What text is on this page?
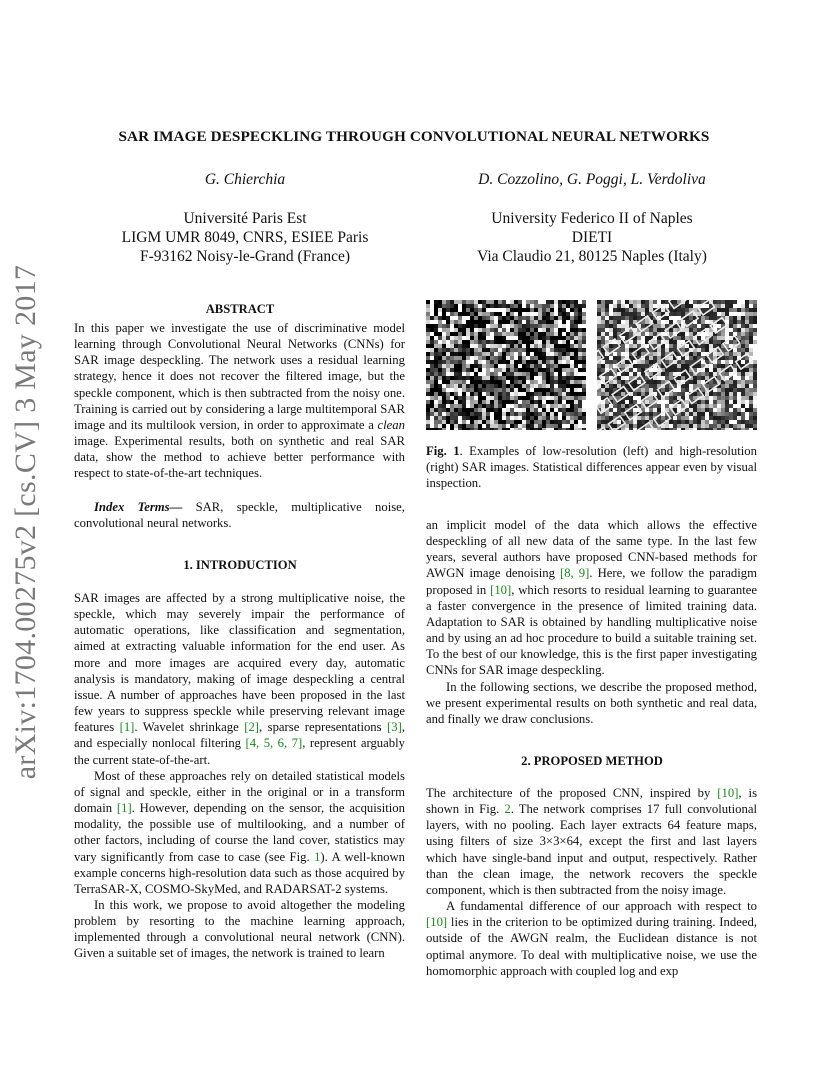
arXiv:1704.00275v2 [cs.CV] 3 May 2017
SAR IMAGE DESPECKLING THROUGH CONVOLUTIONAL NEURAL NETWORKS
G. Chierchia	D. Cozzolino, G. Poggi, L. Verdoliva
Université Paris Est
LIGM UMR 8049, CNRS, ESIEE Paris
F-93162 Noisy-le-Grand (France)
University Federico II of Naples
DIETI
Via Claudio 21, 80125 Naples (Italy)
ABSTRACT

In this paper we investigate the use of discriminative model learning through Convolutional Neural Networks (CNNs) for SAR image despeckling. The network uses a residual learning strategy, hence it does not recover the filtered image, but the speckle component, which is then subtracted from the noisy one. Training is carried out by considering a large multitemporal SAR image and its multilook version, in order to approximate a clean image. Experimental results, both on synthetic and real SAR data, show the method to achieve better performance with respect to state-of-the-art techniques.

Index Terms— SAR, speckle, multiplicative noise, convolutional neural networks.
1. INTRODUCTION

SAR images are affected by a strong multiplicative noise, the speckle, which may severely impair the performance of automatic operations, like classification and segmentation, aimed at extracting valuable information for the end user. As more and more images are acquired every day, automatic analysis is mandatory, making of image despeckling a central issue. A number of approaches have been proposed in the last few years to suppress speckle while preserving relevant image features [1]. Wavelet shrinkage [2], sparse representations [3], and especially nonlocal filtering [4, 5, 6, 7], represent arguably the current state-of-the-art.

Most of these approaches rely on detailed statistical models of signal and speckle, either in the original or in a transform domain [1]. However, depending on the sensor, the acquisition modality, the possible use of multilooking, and a number of other factors, including of course the land cover, statistics may vary significantly from case to case (see Fig. 1). A well-known example concerns high-resolution data such as those acquired by TerraSAR-X, COSMO-SkyMed, and RADARSAT-2 systems.

In this work, we propose to avoid altogether the modeling problem by resorting to the machine learning approach, implemented through a convolutional neural network (CNN). Given a suitable set of images, the network is trained to learn

Fig. 1. Examples of low-resolution (left) and high-resolution (right) SAR images. Statistical differences appear even by visual inspection.

an implicit model of the data which allows the effective despeckling of all new data of the same type. In the last few years, several authors have proposed CNN-based methods for AWGN image denoising [8, 9]. Here, we follow the paradigm proposed in [10], which resorts to residual learning to guarantee a faster convergence in the presence of limited training data. Adaptation to SAR is obtained by handling multiplicative noise and by using an ad hoc procedure to build a suitable training set. To the best of our knowledge, this is the first paper investigating CNNs for SAR image despeckling.

In the following sections, we describe the proposed method, we present experimental results on both synthetic and real data, and finally we draw conclusions.

2. PROPOSED METHOD

The architecture of the proposed CNN, inspired by [10], is shown in Fig. 2. The network comprises 17 full convolutional layers, with no pooling. Each layer extracts 64 feature maps, using filters of size 3×3×64, except the first and last layers which have single-band input and output, respectively. Rather than the clean image, the network recovers the speckle component, which is then subtracted from the noisy image.

A fundamental difference of our approach with respect to [10] lies in the criterion to be optimized during training. Indeed, outside of the AWGN realm, the Euclidean distance is not optimal anymore. To deal with multiplicative noise, we use the homomorphic approach with coupled log and exp
